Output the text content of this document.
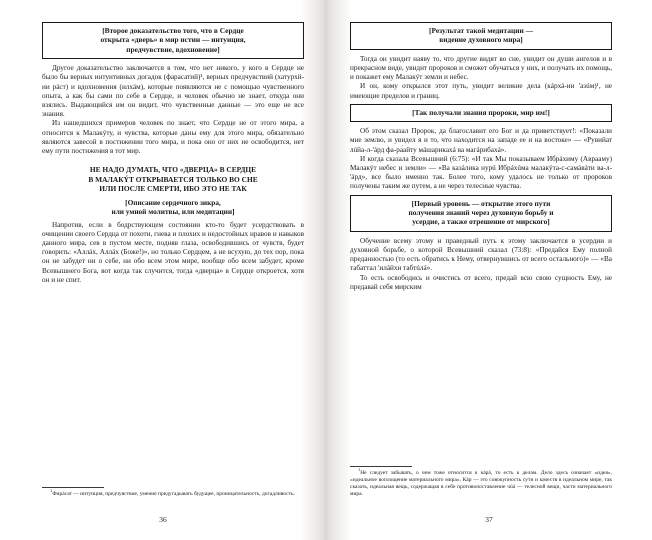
[Второе доказательство того, что в Сердце
открыта «дверь» в мир истин — интуиция,
предчувствие, вдохновение]

Другое доказательство заключается в том, что нет никого, у кого в Сердце не было бы верных интуитивных догадок (фарасатий)¹, верных предчувствий (хатурхй-ии рáст) и вдохновения (илхáм), которые появляются не с помощью чувственного опыта, а как бы сами по себе в Сердце, и человек обычно не знает, откуда они взялись. Выдающийся им он видит, что чувственные данные — это еще не все знания.

Из нашедшихся примеров человек по знает, что Сердце не от этого мира, а относится к Малакýту, и чувства, которые даны ему для этого мира, обязательно являются завесой в постижении того мира, и пока оно от них не освободится, нет ему пути постижения в тот мир.

НЕ НАДО ДУМАТЬ, ЧТО «ДВЕРЦА» В СЕРДЦЕ
В МАЛАКÝТ ОТКРЫВАЕТСЯ ТОЛЬКО ВО СНЕ
ИЛИ ПОСЛЕ СМЕРТИ, ИБО ЭТО НЕ ТАК
[Описание сердечного зикра,
или умной молитвы, или медитации]

Напротив, если в бодрствующем состоянии кто-то будет усердствовать в очищении своего Сердца от похоти, гнева и плохих и недостойных нравов и навыков данного мира, сев в пустом месте, подняв глаза, освободившись от чувств, будет говорить: «Аллáх, Аллáх (Боже!)», но только Сердцем, а не всухую, до тех пор, пока он не забудет ни о себе, ни обо всем этом мире, вообще обо всем забудет, кроме Всевышнего Бога, вот когда так случится, тогда «дверца» в Сердце откроется, хотя он и не спит.

$^1$Фирáсат — интуиция, предчувствие, умение предугадывать будущее, проницательность, догадливость.

36
[Результат такой медитации —
видение духовного мира]

Тогда он увидит наяву то, что другие видят во сне, увидит он души ангелов и в прекрасном виде, увидит пророков и сможет обучаться у них, и получать их помощь, и покажет ему Малакýт земли и небес.

И он, кому открылся этот путь, увидит великие дела (кáрхá-ии 'азúм)¹, не имеющие пределов и границ.

[Так получали знания пророки, мир им!]

Об этом сказал Пророк, да благославит его Бог и да приветствует!: «Показали мне землю, и увидел я и то, что находится на западе ее и на востоке» — «Рувийат лúйа-л-'áрд фа-ра́айту мáшарикахá ва магáрибахá».

И когда сказала Всевышний (6:75): «И так Мы показываем Ибрáхиму (Аврааму) Малакýт небес и земли» — «Ва казáлика нурú Ибрáхúма малакýта-с-самáвáти ва-л-'áрд», все было именно так. Более того, кому удалось не только от пророков получены таким же путем, а не через телесные чувства.

[Первый уровень — открытие этого пути
получения знаний через духовную борьбу и
усердие, а также отрешение от мирского]

Обучение всему этому и праведный путь к этому заключается в усердии и духовной борьбе, о которой Всевышний сказал (73:8): «Предайся Ему полной преданностью (то есть обратись к Нему, отвернувшись от всего остального)» — «Ва табаттал 'илáйхи табтúлá».

То есть освободись и очистись от всего, предай всю свою сущность Ему, не предавай себя мирским

$^1$Не следует забывать, о чем тоже относится к кáрá, то есть к делам. Дело здесь означает «идея», «идеальное воплощение материального мира». Кáр — это совокупность сути и качеств в идеальном мире, так сказать, идеальная вещь, содержащая в себе противопоставление чúá — телесной вещи, части материального мира.

37
